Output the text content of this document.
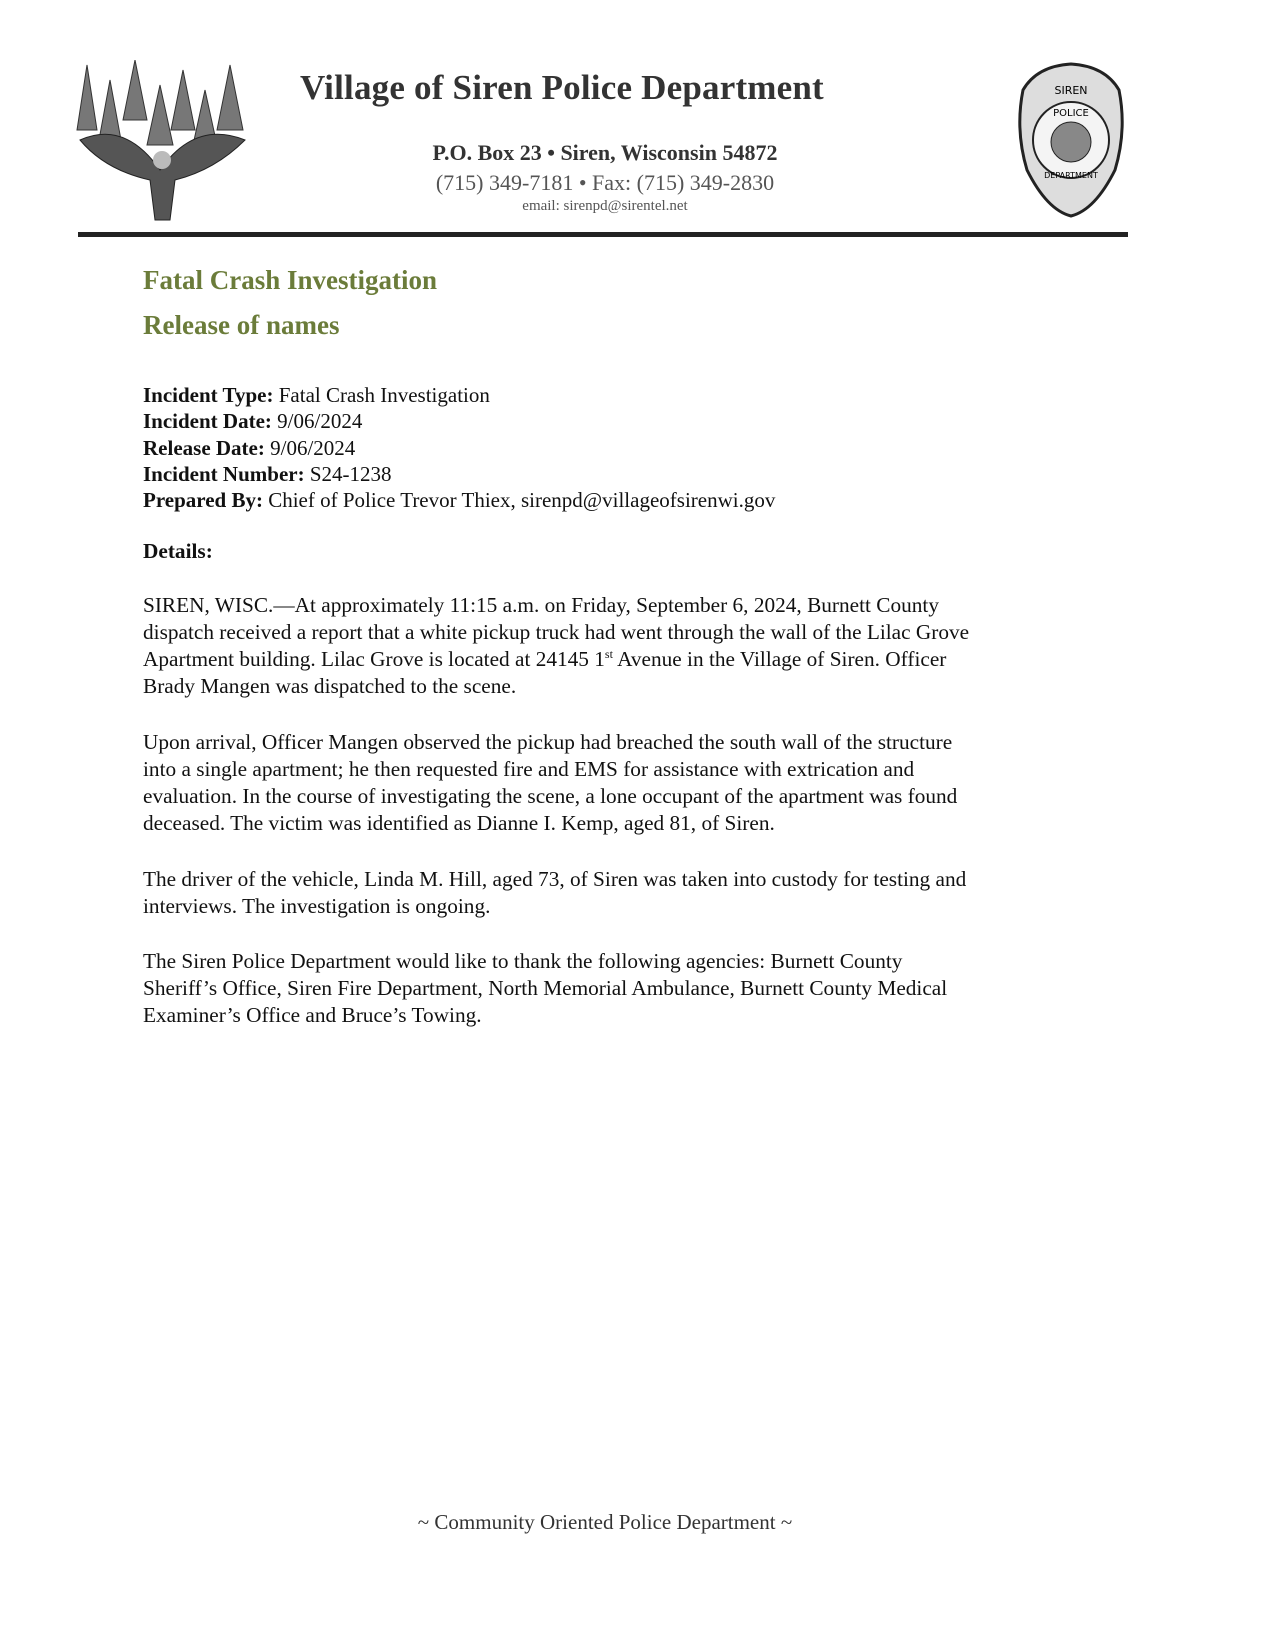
Village of Siren Police Department
P.O. Box 23 • Siren, Wisconsin 54872
(715) 349-7181 • Fax: (715) 349-2830
email: sirenpd@sirentel.net
SIREN
POLICE
DEPARTMENT
Fatal Crash Investigation
Release of names
Incident Type: Fatal Crash Investigation
Incident Date: 9/06/2024
Release Date: 9/06/2024
Incident Number: S24-1238
Prepared By: Chief of Police Trevor Thiex, sirenpd@villageofsirenwi.gov
Details:

SIREN, WISC.—At approximately 11:15 a.m. on Friday, September 6, 2024, Burnett County

dispatch received a report that a white pickup truck had went through the wall of the Lilac Grove

Apartment building. Lilac Grove is located at 24145 1st Avenue in the Village of Siren. Officer

Brady Mangen was dispatched to the scene.

Upon arrival, Officer Mangen observed the pickup had breached the south wall of the structure

into a single apartment; he then requested fire and EMS for assistance with extrication and

evaluation. In the course of investigating the scene, a lone occupant of the apartment was found

deceased. The victim was identified as Dianne I. Kemp, aged 81, of Siren.

The driver of the vehicle, Linda M. Hill, aged 73, of Siren was taken into custody for testing and

interviews. The investigation is ongoing.

The Siren Police Department would like to thank the following agencies: Burnett County

Sheriff’s Office, Siren Fire Department, North Memorial Ambulance, Burnett County Medical

Examiner’s Office and Bruce’s Towing.

~ Community Oriented Police Department ~
